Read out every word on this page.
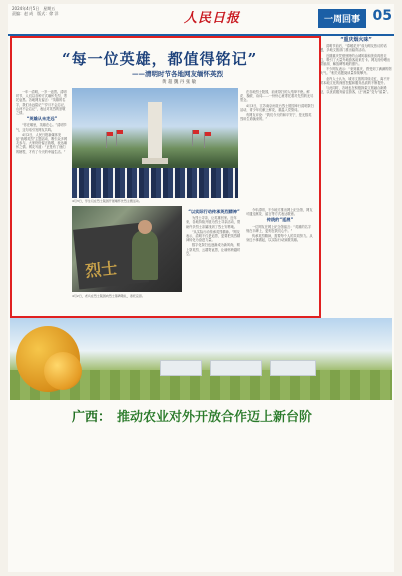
2024年4月5日　星期五
责编：赵 成　版式：徐 洋	人民日报	一周回事 05
“每一位英雄，都值得铭记”
——清明时节各地网友缅怀英烈
黄 超 魏 丹 张 敏

一年一清明，一岁一追思。清明时节，人们以各种方式缅怀先烈，寄托哀思。各地网友留言：“英雄的名字，我们永远铭记”“岁月不会忘记，山河不会忘记”，表达对英烈的崇敬之情。

“英雄从未走远”

“你在哪里，英雄在心。”清明节气，这句话引发网友共鸣。

4月2日，人民日报新媒体发起“致敬英烈”主题活动，吸引众多网友参与。大家纷纷留言致敬，表达缅怀之情。网友写道：“正是有了他们的牺牲，才有了今天的幸福生活。”

4月3日，学生们在烈士陵园开展缅怀先烈主题活动。

在各地烈士陵园，前来祭扫的人络绎不绝。鲜花、挽联、诗词……一份份心意寄托着对先烈的无尽思念。

4月3日，江苏南京雨花台烈士陵园举行清明祭扫活动，青少年们献上鲜花，重温入党誓词。

有网友评论：“我们今天的和平安宁，是无数英烈用生命换来的。”

烈士
4月2日，老兵在烈士陵园向烈士墓碑敬礼，寄托哀思。
“以实际行动传承英烈精神”

为烈士寻亲，让英雄回家。近年来，各地持续开展为烈士寻亲活动，帮助许多烈士亲属找到了烈士安葬地。

“从实际行动传承英烈精神。”网友表示，清明不仅是追思，更要把英烈精神转化为奋进力量。

数字化祭扫也逐渐成为新风尚，网上祭英烈、云端寄哀思，让缅怀跨越时空。

今年清明，不少地方推出网上纪念馆，网友可通过献花、留言等方式表达敬意。

传统的“延展”

一位网友在网上纪念馆留言：“英雄的名字刻在丰碑上，更刻在我们心中。”

传承英烈精神，需要每个人的共同努力。从身边小事做起，以实际行动致敬英雄。

“重庆烟火味”

清明节前后，“春暖花开”成为网友热议的话题，多地文旅部门推出踏青活动。

近期重庆凭借独特的山城风貌和美食再度走红，吸引了大量外地游客前来打卡。网友纷纷晒出洪崖洞、解放碑等地的照片。

不少网友表示：“来到重庆，感受到了满满的烟火气。”相关话题阅读量持续攀升。

业内人士认为，城市文旅的持续走红，离不开对本地文化的深度挖掘和服务品质的不断提升。

与此同时，各地也在积极探索文旅融合新路径，以优质服务留住游客，让“流量”变为“留量”。

广西： 推动农业对外开放合作迈上新台阶
